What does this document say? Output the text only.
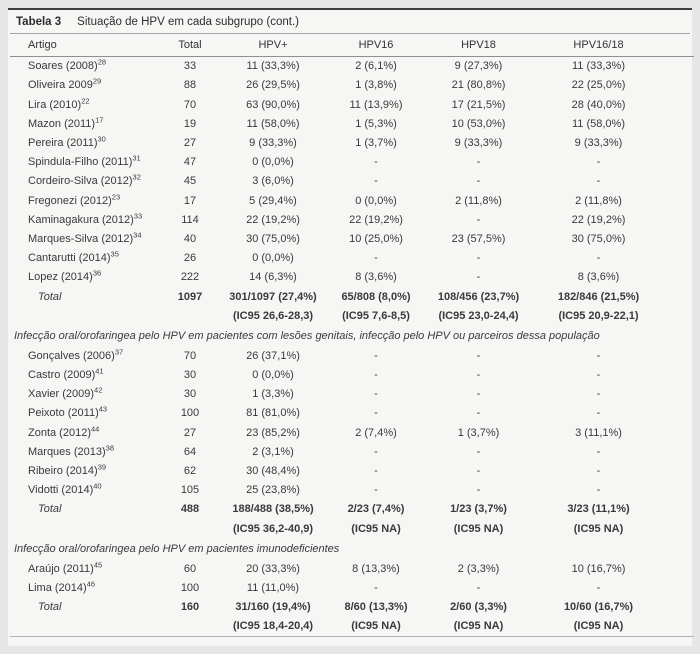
Tabela 3 Situação de HPV em cada subgrupo (cont.)
Artigo	Total	HPV+	HPV16	HPV18	HPV16/18
Soares (2008)$^{28}$	33	11 (33,3%)	2 (6,1%)	9 (27,3%)	11 (33,3%)
Oliveira 2009$^{29}$	88	26 (29,5%)	1 (3,8%)	21 (80,8%)	22 (25,0%)
Lira (2010)$^{22}$	70	63 (90,0%)	11 (13,9%)	17 (21,5%)	28 (40,0%)
Mazon (2011)$^{17}$	19	11 (58,0%)	1 (5,3%)	10 (53,0%)	11 (58,0%)
Pereira (2011)$^{30}$	27	9 (33,3%)	1 (3,7%)	9 (33,3%)	9 (33,3%)
Spindula-Filho (2011)$^{31}$	47	0 (0,0%)	-	-	-
Cordeiro-Silva (2012)$^{32}$	45	3 (6,0%)	-	-	-
Fregonezi (2012)$^{23}$	17	5 (29,4%)	0 (0,0%)	2 (11,8%)	2 (11,8%)
Kaminagakura (2012)$^{33}$	114	22 (19,2%)	22 (19,2%)	-	22 (19,2%)
Marques-Silva (2012)$^{34}$	40	30 (75,0%)	10 (25,0%)	23 (57,5%)	30 (75,0%)
Cantarutti (2014)$^{35}$	26	0 (0,0%)	-	-	-
Lopez (2014)$^{36}$	222	14 (6,3%)	8 (3,6%)	-	8 (3,6%)
Total	1097	301/1097 (27,4%)	65/808 (8,0%)	108/456 (23,7%)	182/846 (21,5%)
		(IC95 26,6-28,3)	(IC95 7,6-8,5)	(IC95 23,0-24,4)	(IC95 20,9-22,1)
Infecção oral/orofaringea pelo HPV em pacientes com lesões genitais, infecção pelo HPV ou parceiros dessa população					
Gonçalves (2006)$^{37}$	70	26 (37,1%)	-	-	-
Castro (2009)$^{41}$	30	0 (0,0%)	-	-	-
Xavier (2009)$^{42}$	30	1 (3,3%)	-	-	-
Peixoto (2011)$^{43}$	100	81 (81,0%)	-	-	-
Zonta (2012)$^{44}$	27	23 (85,2%)	2 (7,4%)	1 (3,7%)	3 (11,1%)
Marques (2013)$^{38}$	64	2 (3,1%)	-	-	-
Ribeiro (2014)$^{39}$	62	30 (48,4%)	-	-	-
Vidotti (2014)$^{40}$	105	25 (23,8%)	-	-	-
Total	488	188/488 (38,5%)	2/23 (7,4%)	1/23 (3,7%)	3/23 (11,1%)
		(IC95 36,2-40,9)	(IC95 NA)	(IC95 NA)	(IC95 NA)
Infecção oral/orofaringea pelo HPV em pacientes imunodeficientes					
Araújo (2011)$^{45}$	60	20 (33,3%)	8 (13,3%)	2 (3,3%)	10 (16,7%)
Lima (2014)$^{46}$	100	11 (11,0%)	-	-	-
Total	160	31/160 (19,4%)	8/60 (13,3%)	2/60 (3,3%)	10/60 (16,7%)
		(IC95 18,4-20,4)	(IC95 NA)	(IC95 NA)	(IC95 NA)
